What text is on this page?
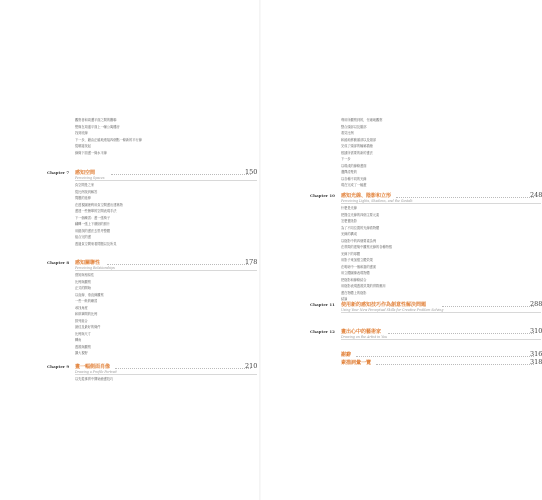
觀察者和周遭平面之間的關聯
想像在周邊平面上一幢公寓樓房
找到底線
下一步，藉由正確地連接四個點一條新的平行線
從哪邊找起
線條下面畫一條水平線
Chapter 7 感知空間	150
Perceiving Spaces
負空間是之家
從比例找到解答
問題的延伸
在透視圖裡利用負空間畫出建築物
畫建一些簡單的空間表現手法
下一個練習：畫一張椅子
翻轉一張上下顛倒的照片
用錯誤的畫法去思考整體
組合完的畫
透過負空間來看問題以及所見
Chapter 8 感知關聯性	178
Perceiving Relationships
感知與相似性
比例與觀察
正式的開始
以直線、垂直線觀察
一些一般的練習
尋找角度
和紙筆間的比例
排列組合
最佳及最好的條件
比例與尺寸
轉角
透視與觀察
擴大視野
Chapter 9 畫一幅側面肖像	210
Drawing a Profile Portrait
以先從事實中開始繪畫技巧
利用所觀察到的，仔細地觀察
整合頭部以及臉部
看見比例
和緩地移動頭部以及頸部
完成了頭部的輪廓描繪
根據所需要的新的畫法
下一步
以現成的線條畫面
選擇清楚的
以各種不同的光線
現在完成了一幅畫
Chapter 10 感知光線、陰影和立形	248
Perceiving Lights, Shadows, and the Gestalt
什麼是光線
把握住光線的四個主要元素
怎麼畫陰影
為了不同位置的光線看物體
光線的構成
以陰影中的四個要素為例
在實際的建築中觀察光線的各種特徵
光線下的球體
用影子來加強立體效果
在明暗中一個和諧的畫面
用立體圖像表現物體
把陰影和線條結合
用陰影表現透視效果的實際應用
畫在物體上的陰影
結論
Chapter 11 使用新的感知技巧作為創意性解決問題	288
Using Your New Perceptual Skills for Creative Problem Solving
Chapter 12 畫出心中的藝術家	310
Drawing on the Artist in You
謝辭	316
素描詞彙一覽	318
